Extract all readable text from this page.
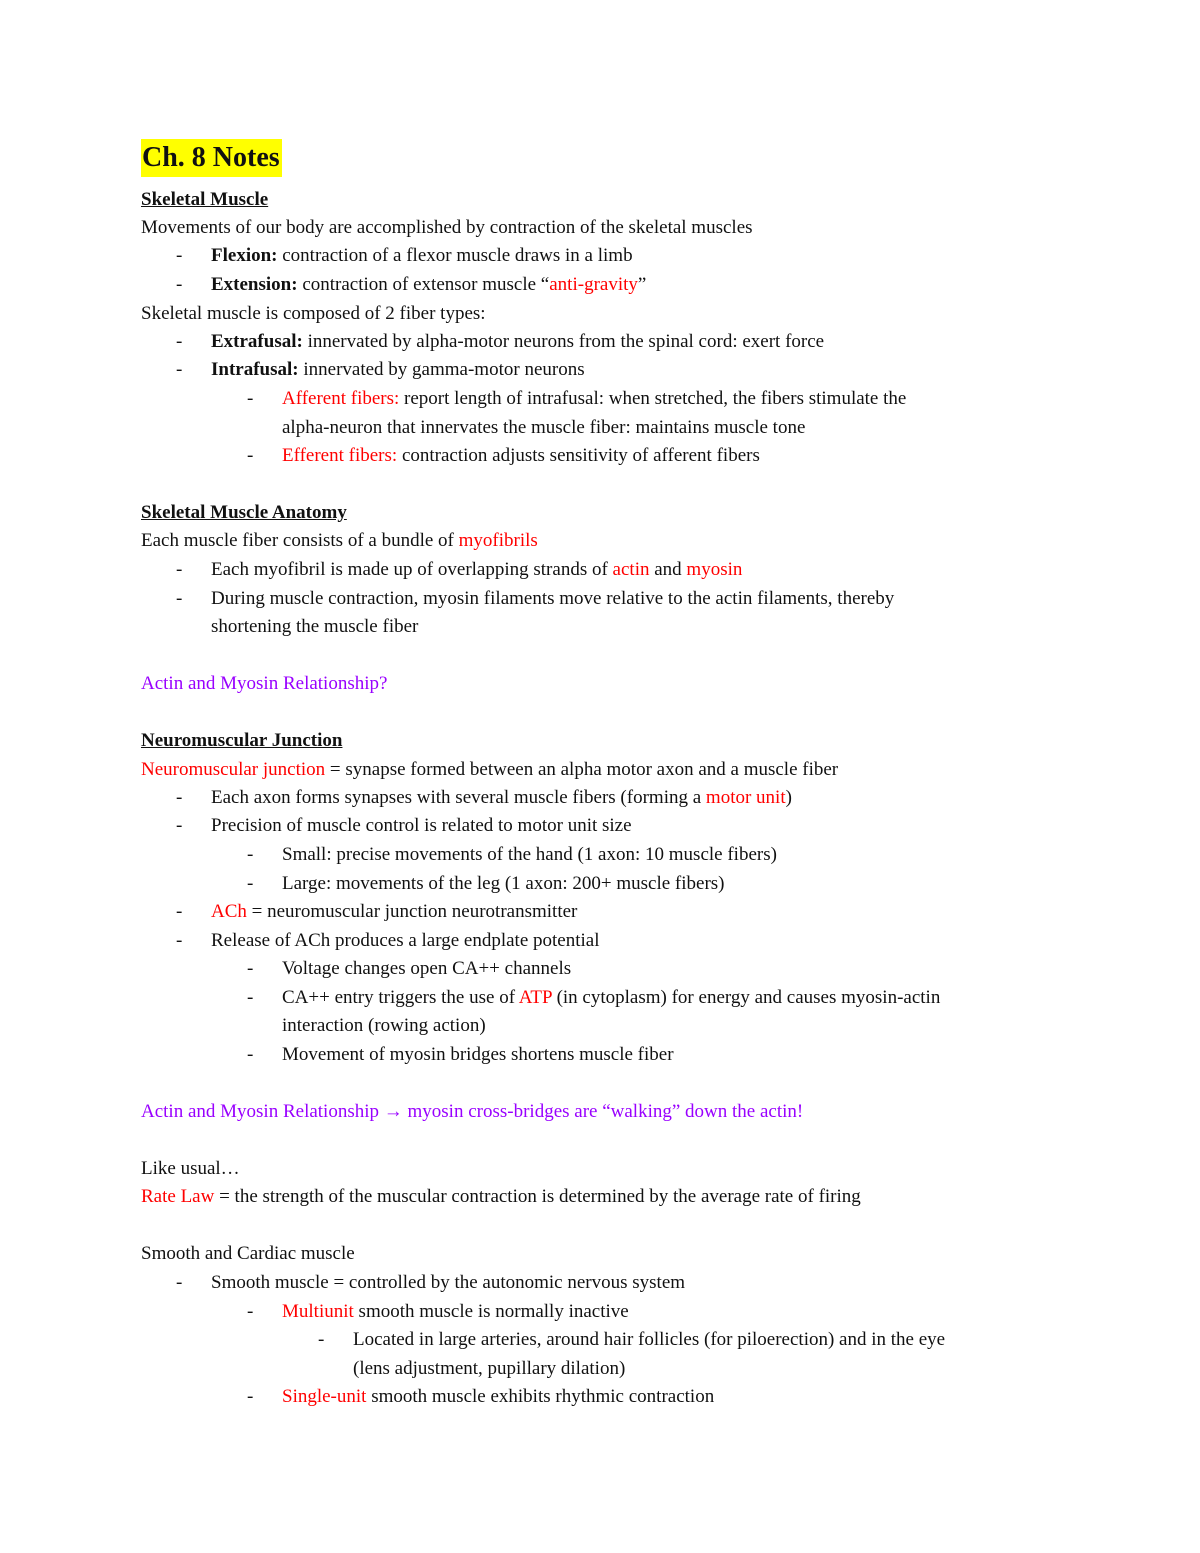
Ch. 8 Notes
Skeletal Muscle
Movements of our body are accomplished by contraction of the skeletal muscles
- Flexion: contraction of a flexor muscle draws in a limb
- Extension: contraction of extensor muscle “anti-gravity”
Skeletal muscle is composed of 2 fiber types:
- Extrafusal: innervated by alpha-motor neurons from the spinal cord: exert force
- Intrafusal: innervated by gamma-motor neurons
- Afferent fibers: report length of intrafusal: when stretched, the fibers stimulate the
alpha-neuron that innervates the muscle fiber: maintains muscle tone
- Efferent fibers: contraction adjusts sensitivity of afferent fibers
Skeletal Muscle Anatomy
Each muscle fiber consists of a bundle of myofibrils
- Each myofibril is made up of overlapping strands of actin and myosin
- During muscle contraction, myosin filaments move relative to the actin filaments, thereby
shortening the muscle fiber
Actin and Myosin Relationship?
Neuromuscular Junction
Neuromuscular junction = synapse formed between an alpha motor axon and a muscle fiber
- Each axon forms synapses with several muscle fibers (forming a motor unit)
- Precision of muscle control is related to motor unit size
- Small: precise movements of the hand (1 axon: 10 muscle fibers)
- Large: movements of the leg (1 axon: 200+ muscle fibers)
- ACh = neuromuscular junction neurotransmitter
- Release of ACh produces a large endplate potential
- Voltage changes open CA++ channels
- CA++ entry triggers the use of ATP (in cytoplasm) for energy and causes myosin-actin
interaction (rowing action)
- Movement of myosin bridges shortens muscle fiber
Actin and Myosin Relationship → myosin cross-bridges are “walking” down the actin!
Like usual…
Rate Law = the strength of the muscular contraction is determined by the average rate of firing
Smooth and Cardiac muscle
- Smooth muscle = controlled by the autonomic nervous system
- Multiunit smooth muscle is normally inactive
- Located in large arteries, around hair follicles (for piloerection) and in the eye
(lens adjustment, pupillary dilation)
- Single-unit smooth muscle exhibits rhythmic contraction
